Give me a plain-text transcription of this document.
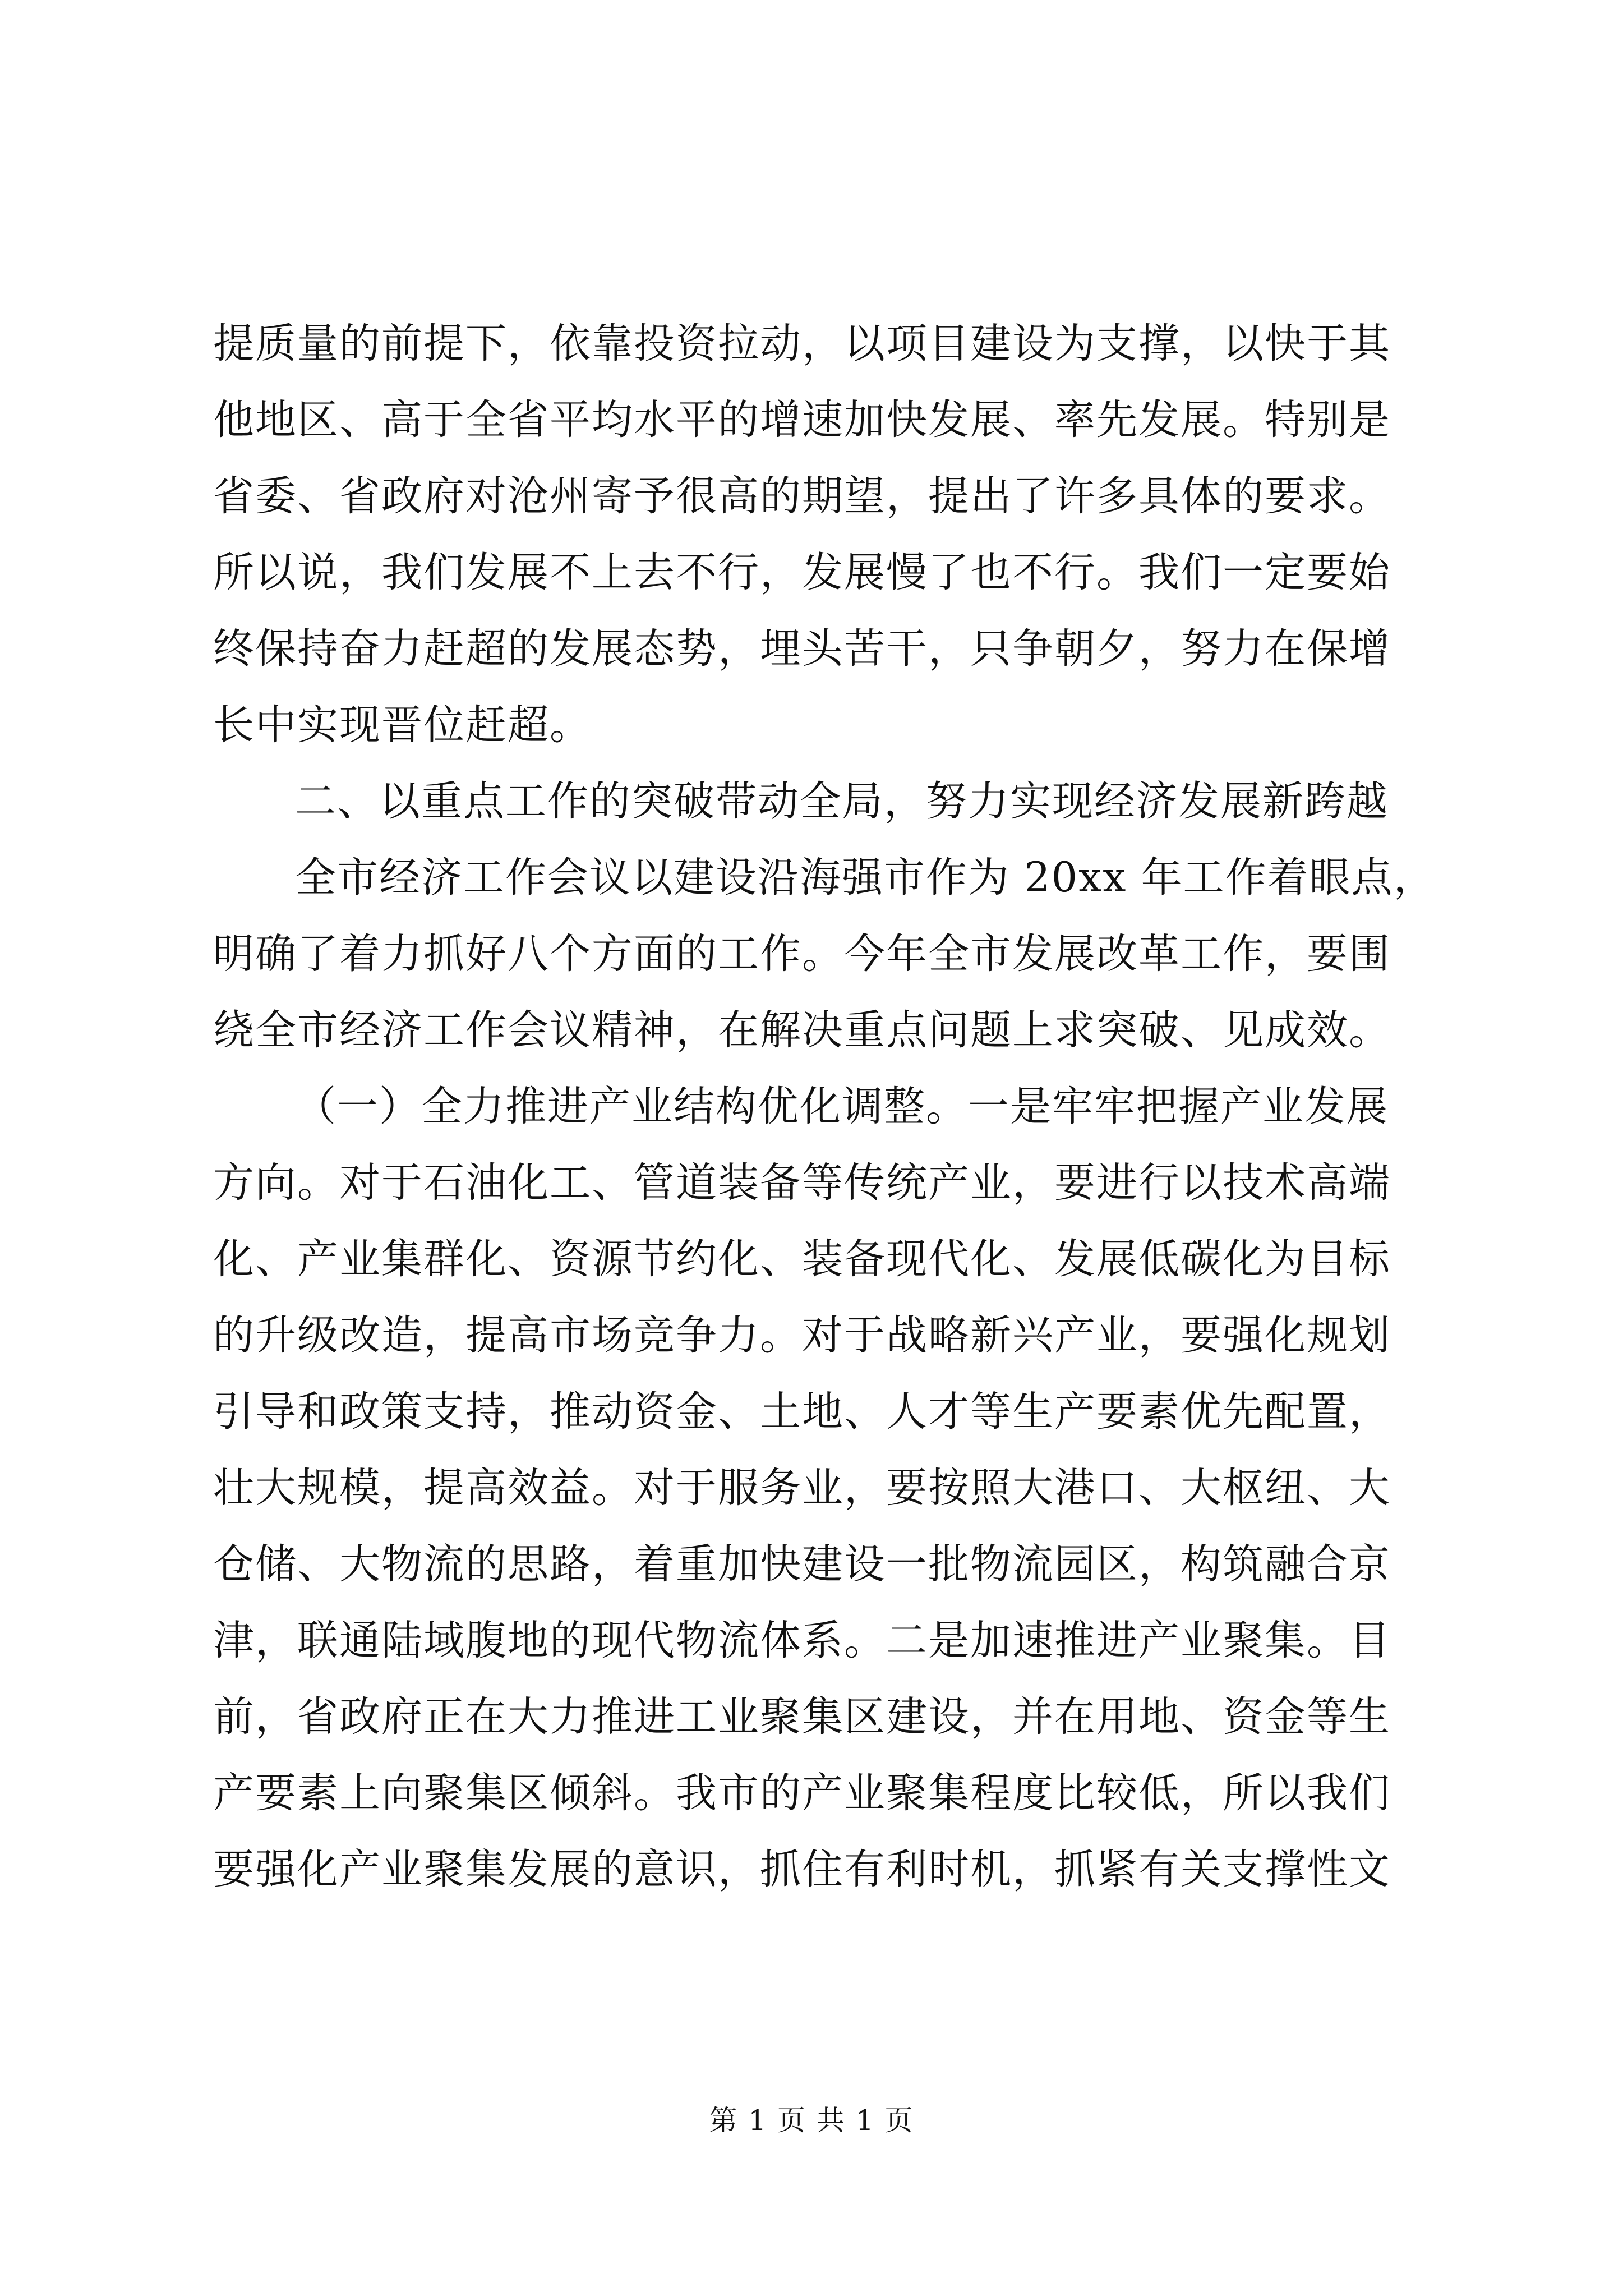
提质量的前提下，依靠投资拉动，以项目建设为支撑，以快于其
他地区、高于全省平均水平的增速加快发展、率先发展。特别是
省委、省政府对沧州寄予很高的期望，提出了许多具体的要求。
所以说，我们发展不上去不行，发展慢了也不行。我们一定要始
终保持奋力赶超的发展态势，埋头苦干，只争朝夕，努力在保增
长中实现晋位赶超。
二、以重点工作的突破带动全局，努力实现经济发展新跨越
全市经济工作会议以建设沿海强市作为 20xx 年工作着眼点，
明确了着力抓好八个方面的工作。今年全市发展改革工作，要围
绕全市经济工作会议精神，在解决重点问题上求突破、见成效。
（一）全力推进产业结构优化调整。一是牢牢把握产业发展
方向。对于石油化工、管道装备等传统产业，要进行以技术高端
化、产业集群化、资源节约化、装备现代化、发展低碳化为目标
的升级改造，提高市场竞争力。对于战略新兴产业，要强化规划
引导和政策支持，推动资金、土地、人才等生产要素优先配置，
壮大规模，提高效益。对于服务业，要按照大港口、大枢纽、大
仓储、大物流的思路，着重加快建设一批物流园区，构筑融合京
津，联通陆域腹地的现代物流体系。二是加速推进产业聚集。目
前，省政府正在大力推进工业聚集区建设，并在用地、资金等生
产要素上向聚集区倾斜。我市的产业聚集程度比较低，所以我们
要强化产业聚集发展的意识，抓住有利时机，抓紧有关支撑性文
第 1 页 共 1 页
